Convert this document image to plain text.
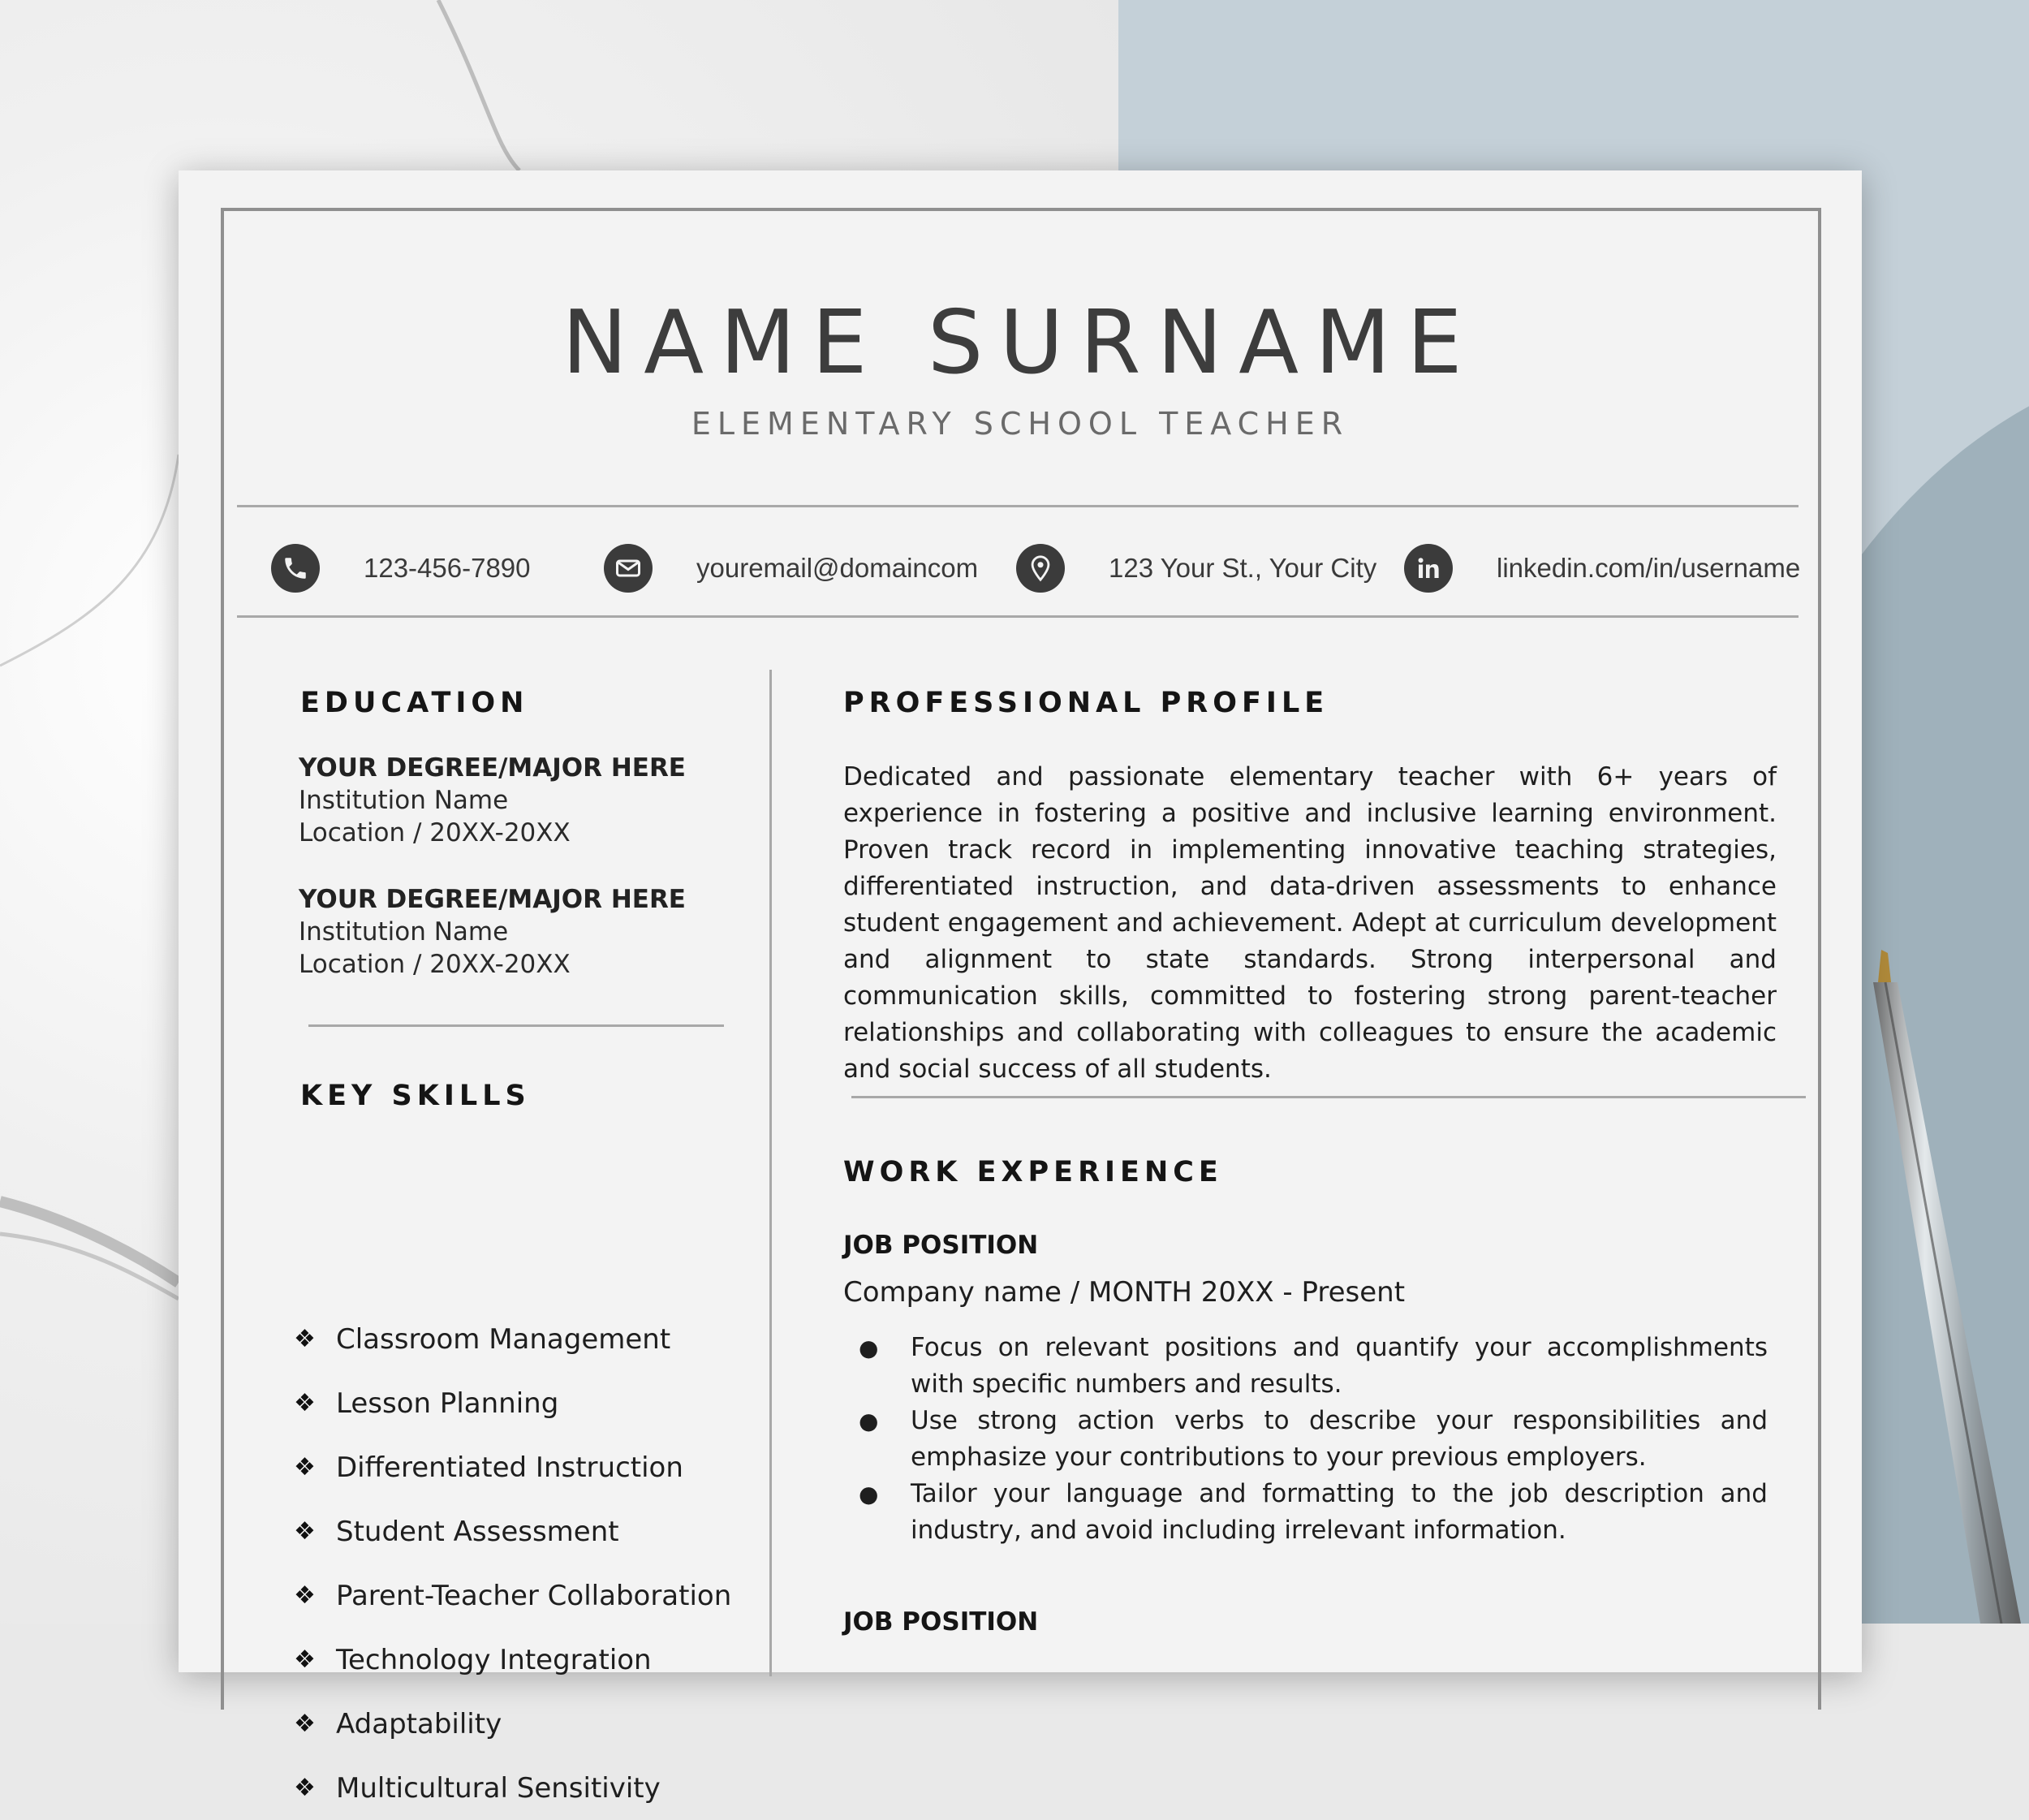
NAME SURNAME
ELEMENTARY SCHOOL TEACHER
123-456-7890	youremail@domaincom	123 Your St., Your City	linkedin.com/in/username
EDUCATION
YOUR DEGREE/MAJOR HERE
Institution Name
Location / 20XX-20XX
YOUR DEGREE/MAJOR HERE
Institution Name
Location / 20XX-20XX
KEY SKILLS
❖ Classroom Management
❖ Lesson Planning
❖ Differentiated Instruction
❖ Student Assessment
❖ Parent-Teacher Collaboration
❖ Technology Integration
❖ Adaptability
❖ Multicultural Sensitivity
PROFESSIONAL PROFILE
Dedicated and passionate elementary teacher with 6+ years of experience in fostering a positive and inclusive learning environment. Proven track record in implementing innovative teaching strategies, differentiated instruction, and data-driven assessments to enhance student engagement and achievement. Adept at curriculum development and alignment to state standards. Strong interpersonal and communication skills, committed to fostering strong parent-teacher relationships and collaborating with colleagues to ensure the academic and social success of all students.
WORK EXPERIENCE
JOB POSITION
Company name / MONTH 20XX - Present
●	Focus on relevant positions and quantify your accomplishments with specific numbers and results.
●	Use strong action verbs to describe your responsibilities and emphasize your contributions to your previous employers.
●	Tailor your language and formatting to the job description and industry, and avoid including irrelevant information.
JOB POSITION
